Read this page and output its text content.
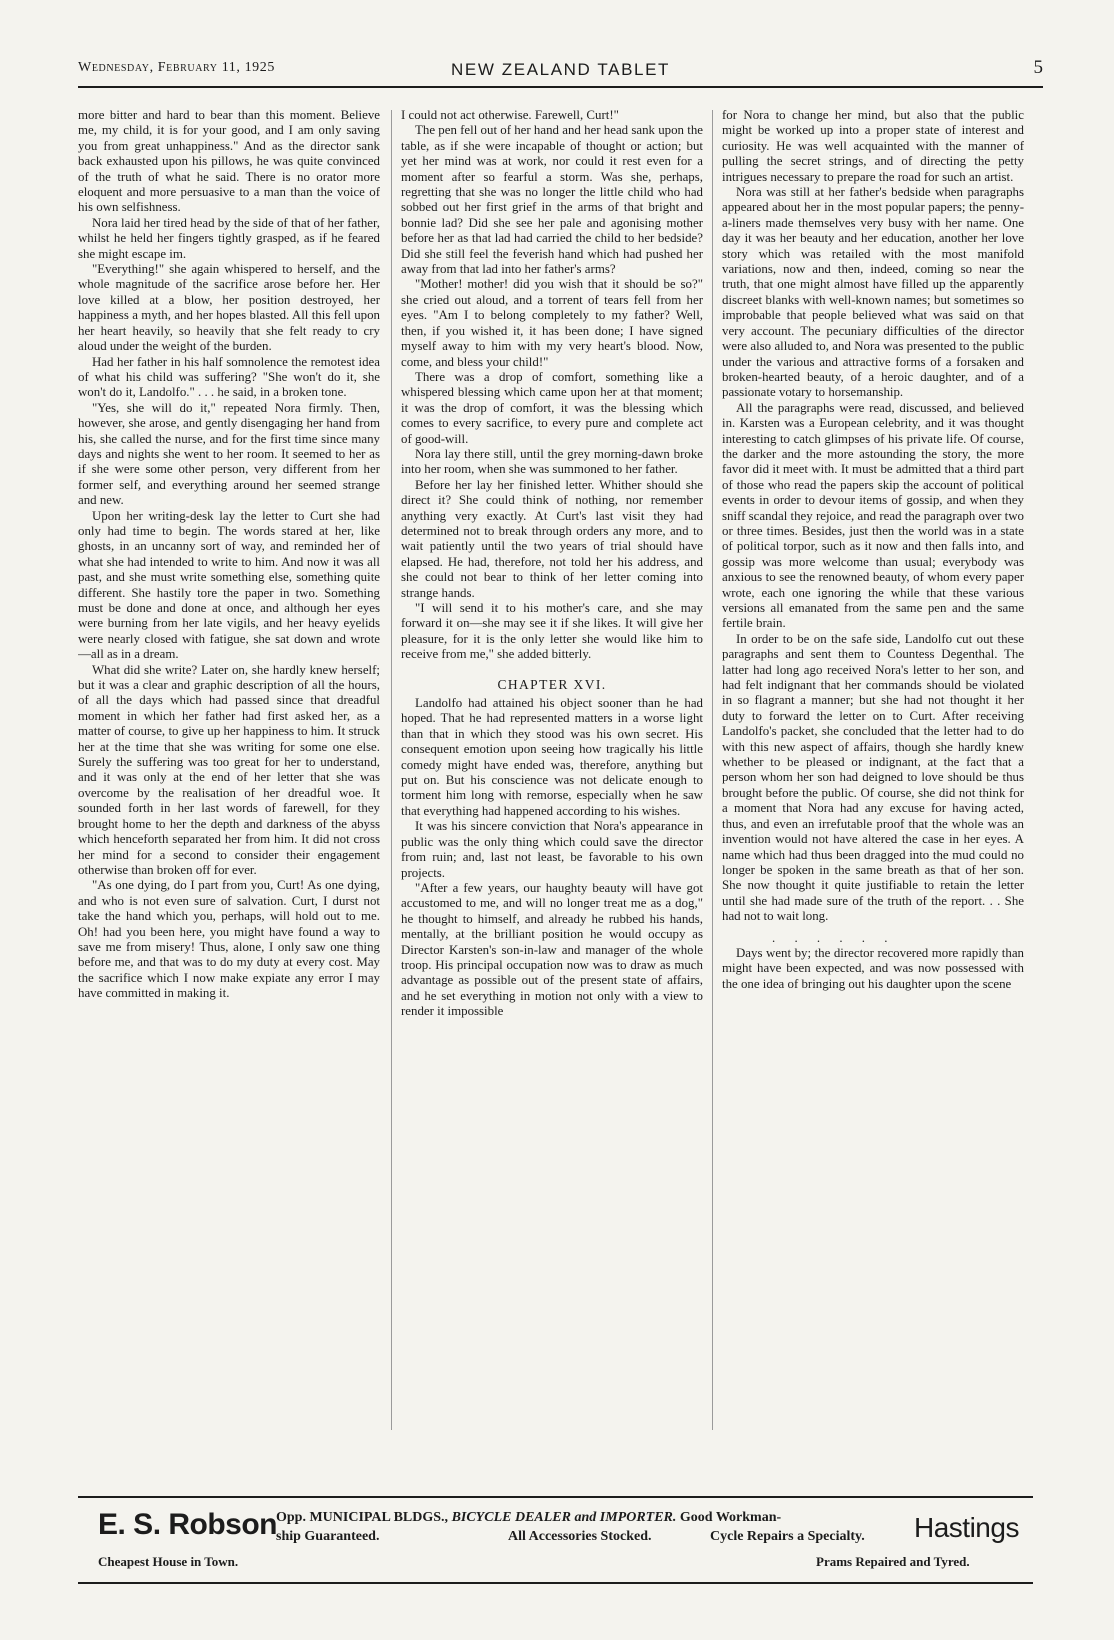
Wednesday, February 11, 1925	NEW ZEALAND TABLET	5

more bitter and hard to bear than this moment. Believe me, my child, it is for your good, and I am only saving you from great unhappiness." And as the director sank back exhausted upon his pillows, he was quite convinced of the truth of what he said. There is no orator more eloquent and more persuasive to a man than the voice of his own selfishness.

Nora laid her tired head by the side of that of her father, whilst he held her fingers tightly grasped, as if he feared she might escape im.

"Everything!" she again whispered to herself, and the whole magnitude of the sacrifice arose before her. Her love killed at a blow, her position destroyed, her happiness a myth, and her hopes blasted. All this fell upon her heart heavily, so heavily that she felt ready to cry aloud under the weight of the burden.

Had her father in his half somnolence the remotest idea of what his child was suffering? "She won't do it, she won't do it, Landolfo." . . . he said, in a broken tone.

"Yes, she will do it," repeated Nora firmly. Then, however, she arose, and gently disengaging her hand from his, she called the nurse, and for the first time since many days and nights she went to her room. It seemed to her as if she were some other person, very different from her former self, and everything around her seemed strange and new.

Upon her writing-desk lay the letter to Curt she had only had time to begin. The words stared at her, like ghosts, in an uncanny sort of way, and reminded her of what she had intended to write to him. And now it was all past, and she must write something else, something quite different. She hastily tore the paper in two. Something must be done and done at once, and although her eyes were burning from her late vigils, and her heavy eyelids were nearly closed with fatigue, she sat down and wrote—all as in a dream.

What did she write? Later on, she hardly knew herself; but it was a clear and graphic description of all the hours, of all the days which had passed since that dreadful moment in which her father had first asked her, as a matter of course, to give up her happiness to him. It struck her at the time that she was writing for some one else. Surely the suffering was too great for her to understand, and it was only at the end of her letter that she was overcome by the realisation of her dreadful woe. It sounded forth in her last words of farewell, for they brought home to her the depth and darkness of the abyss which henceforth separated her from him. It did not cross her mind for a second to consider their engagement otherwise than broken off for ever.

"As one dying, do I part from you, Curt! As one dying, and who is not even sure of salvation. Curt, I durst not take the hand which you, perhaps, will hold out to me. Oh! had you been here, you might have found a way to save me from misery! Thus, alone, I only saw one thing before me, and that was to do my duty at every cost. May the sacrifice which I now make expiate any error I may have committed in making it.

I could not act otherwise. Farewell, Curt!"

The pen fell out of her hand and her head sank upon the table, as if she were incapable of thought or action; but yet her mind was at work, nor could it rest even for a moment after so fearful a storm. Was she, perhaps, regretting that she was no longer the little child who had sobbed out her first grief in the arms of that bright and bonnie lad? Did she see her pale and agonising mother before her as that lad had carried the child to her bedside? Did she still feel the feverish hand which had pushed her away from that lad into her father's arms?

"Mother! mother! did you wish that it should be so?" she cried out aloud, and a torrent of tears fell from her eyes. "Am I to belong completely to my father? Well, then, if you wished it, it has been done; I have signed myself away to him with my very heart's blood. Now, come, and bless your child!"

There was a drop of comfort, something like a whispered blessing which came upon her at that moment; it was the drop of comfort, it was the blessing which comes to every sacrifice, to every pure and complete act of good-will.

Nora lay there still, until the grey morning-dawn broke into her room, when she was summoned to her father.

Before her lay her finished letter. Whither should she direct it? She could think of nothing, nor remember anything very exactly. At Curt's last visit they had determined not to break through orders any more, and to wait patiently until the two years of trial should have elapsed. He had, therefore, not told her his address, and she could not bear to think of her letter coming into strange hands.

"I will send it to his mother's care, and she may forward it on—she may see it if she likes. It will give her pleasure, for it is the only letter she would like him to receive from me," she added bitterly.

CHAPTER XVI.

Landolfo had attained his object sooner than he had hoped. That he had represented matters in a worse light than that in which they stood was his own secret. His consequent emotion upon seeing how tragically his little comedy might have ended was, therefore, anything but put on. But his conscience was not delicate enough to torment him long with remorse, especially when he saw that everything had happened according to his wishes.

It was his sincere conviction that Nora's appearance in public was the only thing which could save the director from ruin; and, last not least, be favorable to his own projects.

"After a few years, our haughty beauty will have got accustomed to me, and will no longer treat me as a dog," he thought to himself, and already he rubbed his hands, mentally, at the brilliant position he would occupy as Director Karsten's son-in-law and manager of the whole troop. His principal occupation now was to draw as much advantage as possible out of the present state of affairs, and he set everything in motion not only with a view to render it impossible

for Nora to change her mind, but also that the public might be worked up into a proper state of interest and curiosity. He was well acquainted with the manner of pulling the secret strings, and of directing the petty intrigues necessary to prepare the road for such an artist.

Nora was still at her father's bedside when paragraphs appeared about her in the most popular papers; the penny-a-liners made themselves very busy with her name. One day it was her beauty and her education, another her love story which was retailed with the most manifold variations, now and then, indeed, coming so near the truth, that one might almost have filled up the apparently discreet blanks with well-known names; but sometimes so improbable that people believed what was said on that very account. The pecuniary difficulties of the director were also alluded to, and Nora was presented to the public under the various and attractive forms of a forsaken and broken-hearted beauty, of a heroic daughter, and of a passionate votary to horsemanship.

All the paragraphs were read, discussed, and believed in. Karsten was a European celebrity, and it was thought interesting to catch glimpses of his private life. Of course, the darker and the more astounding the story, the more favor did it meet with. It must be admitted that a third part of those who read the papers skip the account of political events in order to devour items of gossip, and when they sniff scandal they rejoice, and read the paragraph over two or three times. Besides, just then the world was in a state of political torpor, such as it now and then falls into, and gossip was more welcome than usual; everybody was anxious to see the renowned beauty, of whom every paper wrote, each one ignoring the while that these various versions all emanated from the same pen and the same fertile brain.

In order to be on the safe side, Landolfo cut out these paragraphs and sent them to Countess Degenthal. The latter had long ago received Nora's letter to her son, and had felt indignant that her commands should be violated in so flagrant a manner; but she had not thought it her duty to forward the letter on to Curt. After receiving Landolfo's packet, she concluded that the letter had to do with this new aspect of affairs, though she hardly knew whether to be pleased or indignant, at the fact that a person whom her son had deigned to love should be thus brought before the public. Of course, she did not think for a moment that Nora had any excuse for having acted, thus, and even an irrefutable proof that the whole was an invention would not have altered the case in her eyes. A name which had thus been dragged into the mud could no longer be spoken in the same breath as that of her son. She now thought it quite justifiable to retain the letter until she had made sure of the truth of the report. . . She had not to wait long.

. . . . . .

Days went by; the director recovered more rapidly than might have been expected, and was now possessed with the one idea of bringing out his daughter upon the scene

E. S. Robson
Cheapest House in Town.
Opp. MUNICIPAL BLDGS., BICYCLE DEALER and IMPORTER. Good Workman-
ship Guaranteed.	All Accessories Stocked.	Cycle Repairs a Specialty. Hastings
Prams Repaired and Tyred.
